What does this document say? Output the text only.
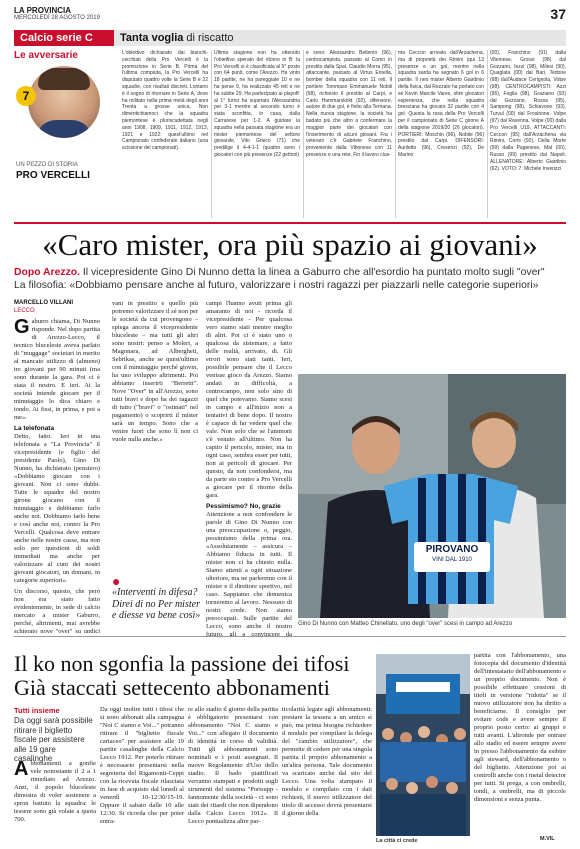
LA PROVINCIA
MERCOLEDÌ 28 AGOSTO 2019	37
Calcio serie C	Tanta voglia di riscatto
Le avversarie
7
UN PEZZO DI STORIA
PRO VERCELLI
L'obiettivo dichiarato dai bianchi-cerchiati della Pro Vercelli è la promozione in Serie B. Prima del l'ultima compiuta, la Pro Vercelli ha disputato quattro volte la Serie B e 22 squadre, con risultati discreti. Lontano è il sogno di ritornare in Serie A, dove ha militato nella prima metà degli anni Trenta a grosse unica. Non dimentichiamoci che la squadra piemontese è pluriscudettata negli anni 1908, 1909, 1911, 1912, 1913, 1921 e 1922: quest'ultimo nel Campionato confederale italiano (una scissione dei campionati).
Ultima stagione non ha ottenuto l'obiettivo sperato del ritorno in B: la Pro Vercelli si è classificata al 5° posto con 64 punti, come l'Arezzo. Ha vinto 18 partite, ne ha pareggiate 10 e ne ha perse 9, ha realizzato 45 reti e ne ha subite 29. Ha partecipato ai playoff: al 1° turno ha superato l'Alessandria per 3-1 mentre al secondo turno è stata sconfitta, in casa, dalla Carrarese per 1-2. A guidare la squadra nella passata stagione era un mister piemontese del settore giovanile, Vito Grieco (71) che predilige il 4-4-1-1 (quattro sono i giocatori con più presenze (22 gettoni)
e sono: Alessandro Bellemo (96), centrocampista, passato al Como in prestito dalla Spal. Claudio Morra (95), attaccante, passato al Virtus Entella, bomber della squadra con 11 reti. Il portiere Tommaso Emmanuele Nobili (98), richiesto il prestito al Carpi, e Carlo Hammarsköld (92), difensore, autore di due gol, è finito alla Ternana. Nella nuova stagione, la società ha badato più che altro a confermare la maggior parte dei giocatori con l'inserimento di alcuni giovani. Fra i veterani c'è Gabriele Franchino, proveniente dalla Vibonese con 11 presenze e una rete. Fin il lavoro cius-
ma Ceccon arrivato dall'Arzachena, ma di proprietà dei Rimini (qui 13 presenze e un gol, mentre nella squadra sarda ha segnato 6 gol in 6 partite. Il neo mister Alberto Giardinio della fisica, dal Rezzato ha portato con sé Kevin Marcile Vares, oltre giocatori esperienza, che nella squadra bresciana ha giocato 32 partite con 4 gol. Questa la rosa della Pro Vercelli per il campionato di Serie C girone A della stagione 2019/20 (26 giocatori). PORTIERI: Moschin (96), Nobile (96) prestito dal Carpi. DIFENSORI: Auriletto (96), Cresenzi (92), De Marino
(00), Franchino (91) dalla Vibonese, Grossi (98) dal Gozzano, Iezzi (98), Milesi (90), Quaglata (00) dal Bari, Tedone (98) dall'Audace Cerignola, Volpe (98). CENTROCAMPISTI: Azzi (96), Foglia (98), Graziano (93) dal Gozzano, Rossa (95), Sampong (98), Schiavone (93), Turvul (00) dal Frosinone. Volpe (97) dal Ravenna, Volpe (00) dalla Pro Vercelli U19. ATTACCANTI: Ceccon (95) dall'Arzachena via Rimini, Comi (92), Della Morte (99) dalla Pagenese, Mal (00), Russo (99) prestito dal Napoli. ALLENATORE: Alberto Giardinio (62). VOTO: 7. Michele Inverizzi
«Caro mister, ora più spazio ai giovani»
Dopo Arezzo. Il vicepresidente Gino Di Nunno detta la linea a Gaburro che all'esordio ha puntato molto sugli "over"
La filosofia: «Dobbiamo pensare anche al futuro, valorizzare i nostri ragazzi per piazzarli nelle categorie superiori»
MARCELLO VILLANI
LECCO
Gaburro chiama, Di Nunno risponde. Nel dopo partita di Arezzo-Lecco, il tecnico bluceleste aveva parlato di "muggage" societari in merito al mancato utilizzo di (almeno) tre giovani per 90 minuti (ma sono durante la gara. Poi ci è stata il nostro. E ieri. Ai la società intende giocare per il minutaggio lo dica chiaro e tondo. Ai fissi, in prima, e poi a me».
La telefonata
Detto, fatto. Ieri in una telefonata a "La Provincia" il vicepresidente (e figlio del presidente Paolo), Gino Di Nunno, ha dichiarato (pensiero) «Dobbiamo giocare con i giovani. Non ci sono dubbi. Tutte le squadre del nostro girone giocano con il minutaggio e dobbiamo farlo anche noi. Dobbiamo farlo bene e così anche noi, contro la Pro Vercelli. Qualcosa deve entrare anche nelle nostre casse, ma non solo per questioni di soldi immediati ma anche per valorizzare al cuni dei nostri giovani giocatori, un domani, in categorie superiori».
Un discorso, questo, che però non era stato fatto evidentemente, in sede di calcio mercato a mister Gaburro, perché, altrimenti, mai avrebbe schierato nove "over" su undici
vani in prestito e quello più potremo valorizzare il sé non per le società da cui provengono – spiega ancora il vicepresidente bluceleste – ma tutti gli altri sono nostri: penso a Moleri, a Magonara, ad Albergheti, Sebrikas, anche se quest'ultimo con il minutaggio perché giovin, ha uno sviluppo altrimenti. Poi abbiamo inserirti "Berretti". Nove "Over" in all'Arezzo, sono tutti bravi e dopo ha dei ragazzi di tutto ("bravi" o "ostinati" nel pagamento) o scoprirti il mister sarà un tempo. Sono che a venire fuori che sono lì non ci vuole nulla anche.»
●
«Interventi in difesa? Direi di no Per mister e diesse va bene così»
campi l'hanno avuti prima gli amaranto di noi - ricorda il vicepresidente - Per qualcosa vero siamo stati mentre meglio di altri. Poi ci è stato uno o qualcosa da sistemare, a fatto delle realtà, arrivato, di. Gli errori sono stati tanti. Ieri, possibile pensare che il Lecco venisse gioco da Arezzo. Siamo andati in difficoltà, a centrocampo, non solo sino di quel che potevamo. Siamo scesi in campo e all'inizio non a tentativi di bene dopo. Il nostro è capace di far vedere quel che vale. Non solo che se l'ammoni s'è venuto all'ultimo. Non ha capito il pericolo, mister, ma in ogni caso, sembra esser per tutti, non ai pericoli di giocare. Per questo, da non confondersi, ma da parte sto contro a Pro Vercelli a giocare per il ritorno della gara.
Pessimismo? No, grazie
Attenzione a non confondere le parole di Gino Di Nunno con una preoccupazione o, peggio, pessimismo della prima ora. «Assolutamente – assicura – Abbiamo fiducia in tutti. Il mister non ci ha chiesto nulla. Siamo attenti a ogni situazione ulteriore, ma ne parleremo con il mister e il direttore sportivo, nel caso. Sappiamo che domenica torneremo al lavoro. Nessuno di nostri crede. Non siamo preoccupati. Sulle partite del Lecco, sono anche il nostro futuro, gli a convincere da
PIROVANO
VINI DAL 1910
Gino Di Nunno con Matteo Chinellato, uno degli "over" scesi in campo ad Arezzo
Il ko non sgonfia la passione dei tifosi
Già staccati settecento abbonamenti
Tutti insieme
Da oggi sarà possibile ritirare il biglietto fiscale per assistere alle 19 gare casalinghe
Abbonamenti a gonfie vele nonostante il 2 a 1 rimediato ad Arezzo. Anzi, il popolo bluceleste dimostra di voler sostenere a spron battuto la squadra: le tessere sono già volate a quota 700.
Da oggi inoltre tutti i tifosi che si sono abbonati alla campagna "Noi C siamo e Voi..." potranno ritirare il "biglietto fiscale cartaceo" per assistere alle 19 partite casalinghe della Calcio Lecco 1912. Per poterlo ritirare è necessario presentarsi nella segreteria del Rigamonti-Ceppi con la ricevuta fiscale rilasciata in fase di acquisto dal lunedì al venerdì 10-12:30/15-19. Oppure il sabato dalle 10 alle 12:30. Si ricorda che per poter entra-
re allo stadio il giorno della partita è obbligatorio presentarsi con abbonamento "Noi C siamo e Voi..." con allegato il documento di identità in corso di validità. Tutti gli abbonamenti sono nominali e i posti assegnati. Il nuovo Regolamento d'Uso dello stadio. Il bado piattificati verranno stampati e prodotti sugli strumenti del sistema "Portsupp - fannomente della società - ci sono stati dei ritardi che non dipendono dalla Calcio Lecco 1912». Il Lecco puntualizza altre par-
ticolarità legate agli abbonamenti: prestare la tessera a un amico sì può, ma prima bisogna richiedere il modulo per compilare la delega del "cambio utilizzatore", che permette di cedere per una singola partita il proprio abbonamento a un'altra persona. Tale documento va scaricato anche dal sito del Lecco. Una volta stampato il modulo e compilato con i dati richiesti, il nuovo utilizzatore del titolo di accesso dovrà presentarsi il giorno della
La città ci crede
partita con l'abbonamento, una fotocopia del documento d'identità dell'intestatario dell'abbonamento e un proprio documento. Non è possibile effettuare cessioni di titoli in versione "ridotta" se il nuovo utilizzatore non ha diritto a beneficiarne. Il consiglio per evitare code e avere sempre il proprio posto certo: ai gruppi e tutti avanti. L'altronde per entrare allo stadio ed essere sempre avere in presso l'abbonamento da esibire agli steward, dell'abbonamento o del biglietto. Attenzione poi ai controlli anche con i metal detector per tutti. Si prega, a con ombrelli, tondi, a ombrelli, ma di piccole dimensioni e senza punta.
M.VIL
